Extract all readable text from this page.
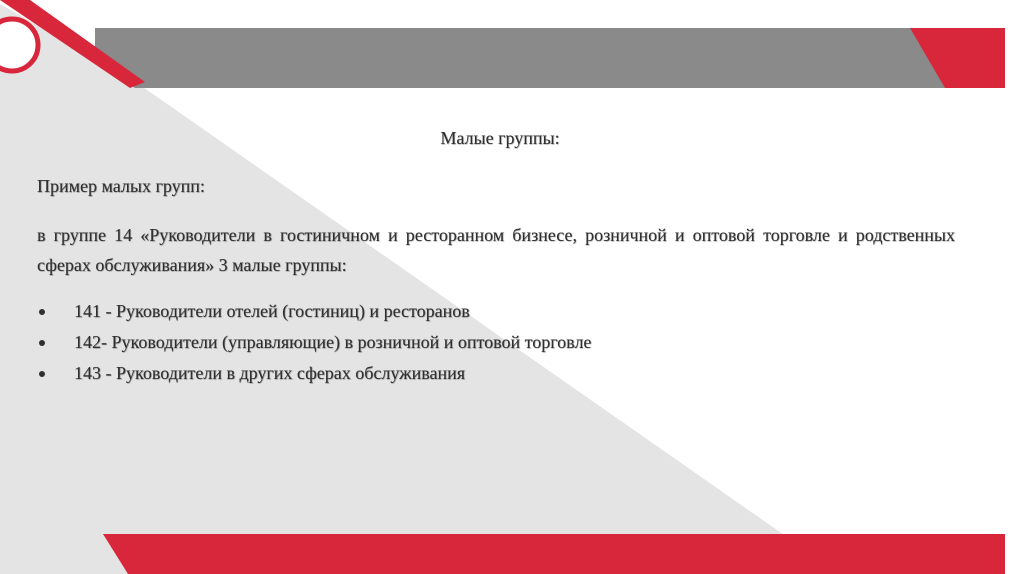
Малые группы:
Пример малых групп:
в группе 14 «Руководители в гостиничном и ресторанном бизнесе, розничной и оптовой торговле и родственных сферах обслуживания» 3 малые группы:
141 - Руководители отелей (гостиниц) и ресторанов
142- Руководители (управляющие) в розничной и оптовой торговле
143 - Руководители в других сферах обслуживания
